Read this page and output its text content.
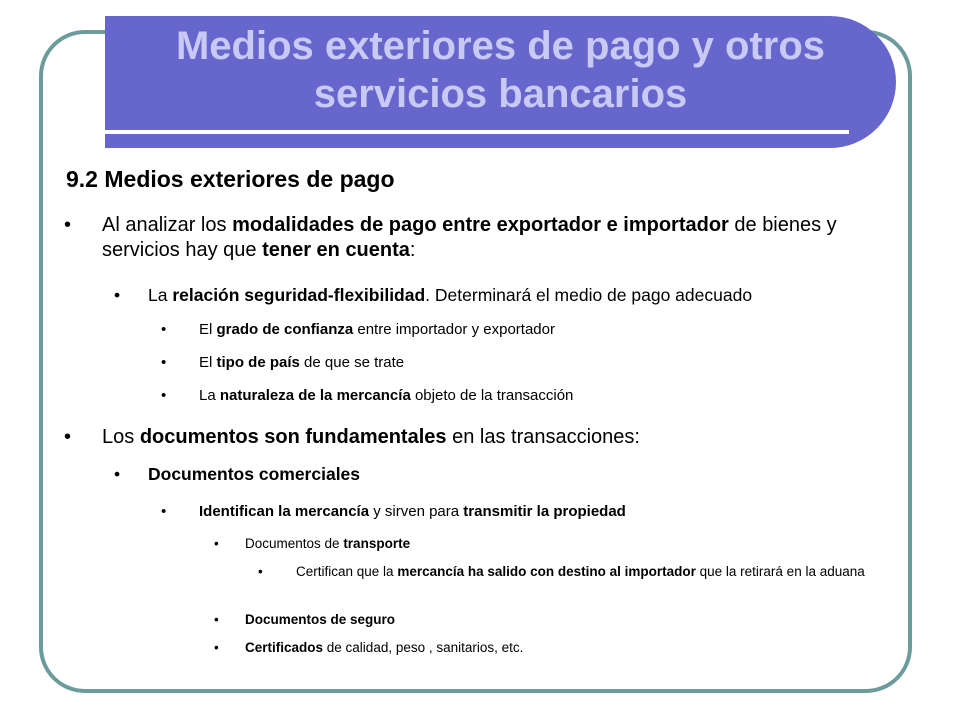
Medios exteriores de pago y otros servicios bancarios
9.2 Medios exteriores de pago
•	Al analizar los modalidades de pago entre exportador e importador de bienes y servicios hay que tener en cuenta:
•	La relación seguridad-flexibilidad. Determinará el medio de pago adecuado
•	El grado de confianza entre importador y exportador
•	El tipo de país de que se trate
•	La naturaleza de la mercancía objeto de la transacción
•	Los documentos son fundamentales en las transacciones:
•	Documentos comerciales
•	Identifican la mercancía y sirven para transmitir la propiedad
•	Documentos de transporte
•	Certifican que la mercancía ha salido con destino al importador que la retirará en la aduana
•	Documentos de seguro
•	Certificados de calidad, peso , sanitarios, etc.
